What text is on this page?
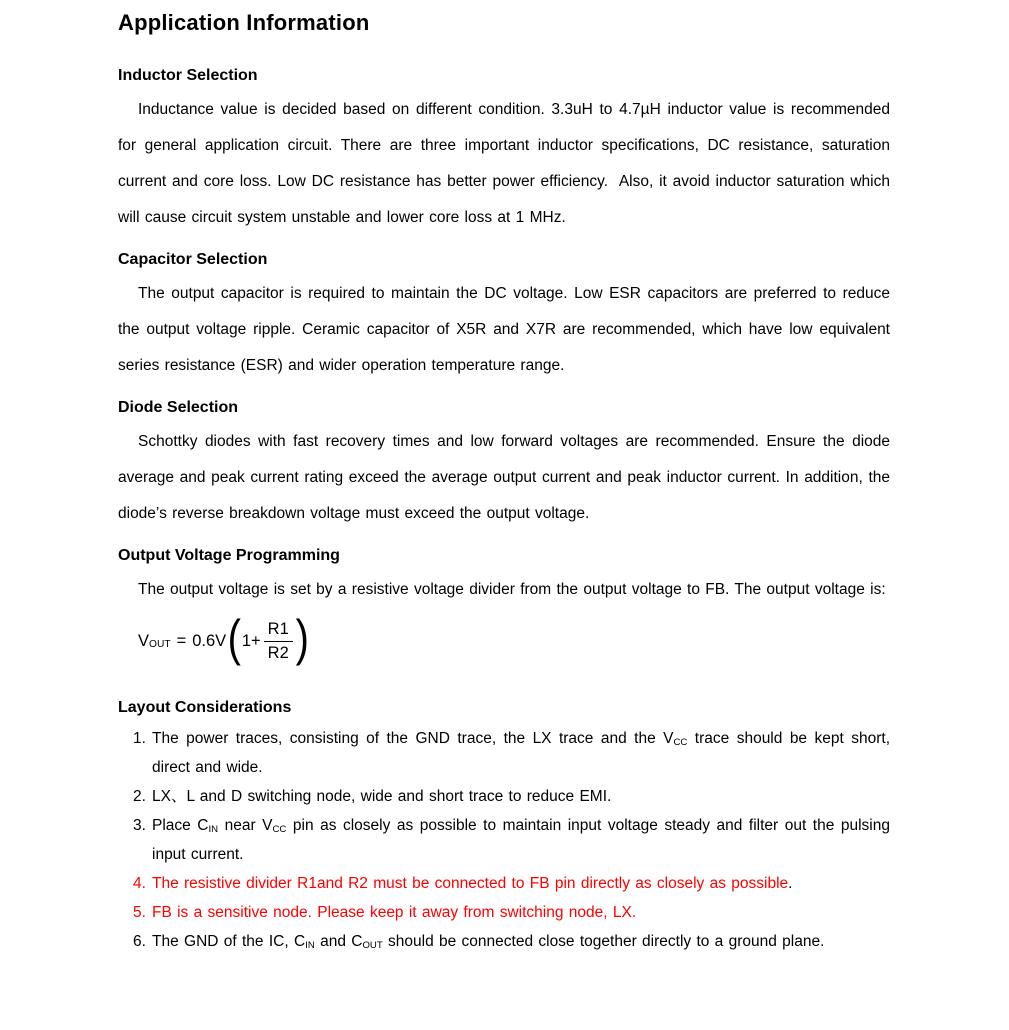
Application Information
Inductor Selection

Inductance value is decided based on different condition. 3.3uH to 4.7µH inductor value is recommended for general application circuit. There are three important inductor specifications, DC resistance, saturation current and core loss. Low DC resistance has better power efficiency.  Also, it avoid inductor saturation which will cause circuit system unstable and lower core loss at 1 MHz.

Capacitor Selection

The output capacitor is required to maintain the DC voltage. Low ESR capacitors are preferred to reduce the output voltage ripple. Ceramic capacitor of X5R and X7R are recommended, which have low equivalent series resistance (ESR) and wider operation temperature range.

Diode Selection

Schottky diodes with fast recovery times and low forward voltages are recommended. Ensure the diode average and peak current rating exceed the average output current and peak inductor current. In addition, the diode’s reverse breakdown voltage must exceed the output voltage.

Output Voltage Programming

The output voltage is set by a resistive voltage divider from the output voltage to FB. The output voltage is:

$V_{OUT} = 0.6V$ ( $1+ \frac{R1}{R2}$ )
Layout Considerations
1. The power traces, consisting of the GND trace, the LX trace and the $V_{CC}$ trace should be kept short, direct and wide.
2. LX、L and D switching node, wide and short trace to reduce EMI.
3. Place $C_{IN}$ near $V_{CC}$ pin as closely as possible to maintain input voltage steady and filter out the pulsing input current.
4. The resistive divider R1and R2 must be connected to FB pin directly as closely as possible.
5. FB is a sensitive node. Please keep it away from switching node, LX.
6. The GND of the IC, $C_{IN}$ and $C_{OUT}$ should be connected close together directly to a ground plane.
